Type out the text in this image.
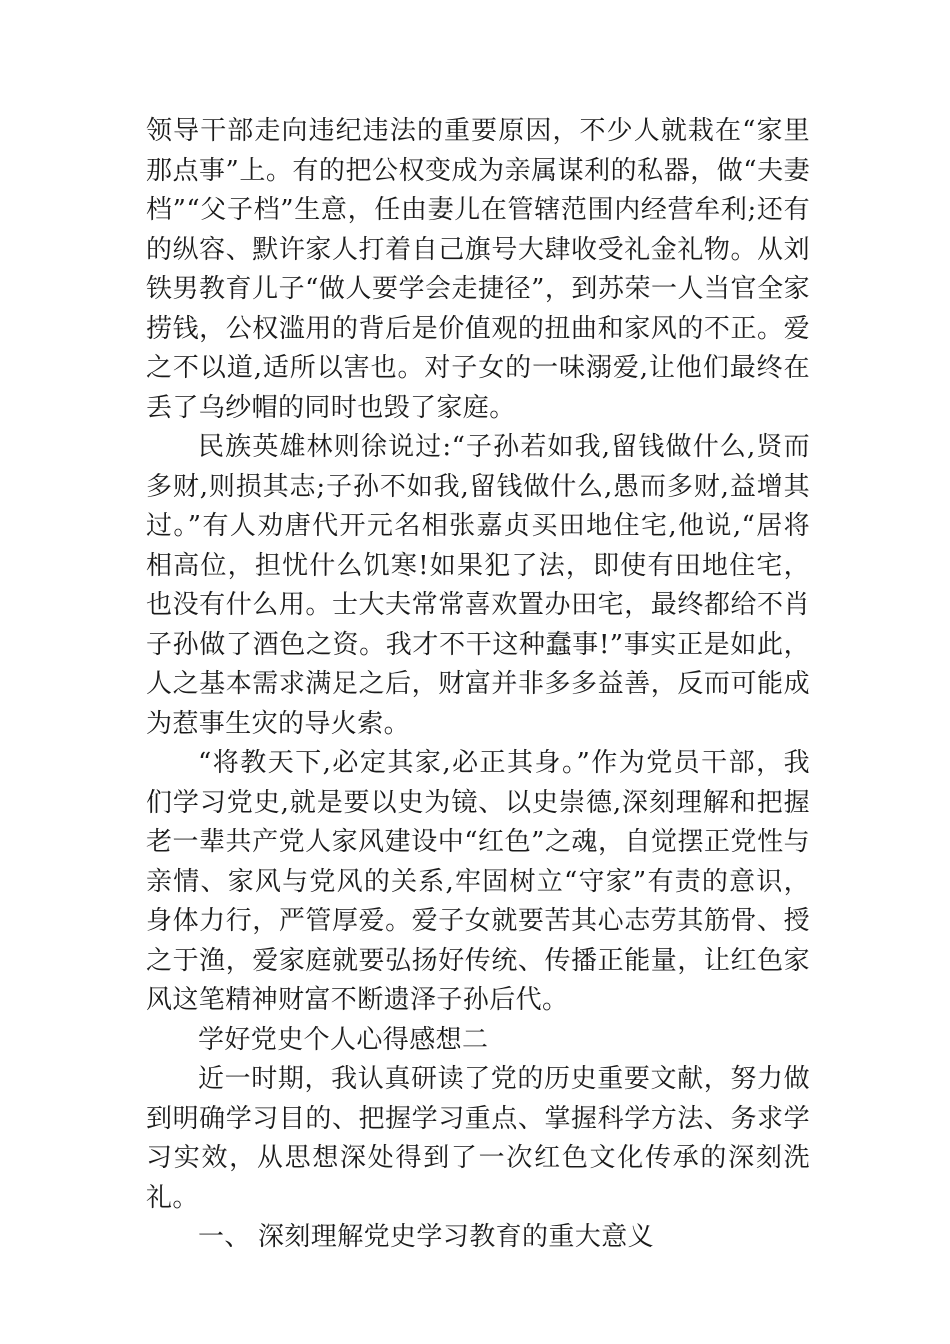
领导干部走向违纪违法的重要原因，不少人就栽在“家里那点事”上。有的把公权变成为亲属谋利的私器，做“夫妻档”“父子档”生意，任由妻儿在管辖范围内经营牟利;还有的纵容、默许家人打着自己旗号大肆收受礼金礼物。从刘铁男教育儿子“做人要学会走捷径”，到苏荣一人当官全家捞钱，公权滥用的背后是价值观的扭曲和家风的不正。爱之不以道,适所以害也。对子女的一味溺爱,让他们最终在丢了乌纱帽的同时也毁了家庭。

民族英雄林则徐说过:“子孙若如我,留钱做什么,贤而多财,则损其志;子孙不如我,留钱做什么,愚而多财,益增其过。”有人劝唐代开元名相张嘉贞买田地住宅,他说,“居将相高位，担忧什么饥寒!如果犯了法，即使有田地住宅，也没有什么用。士大夫常常喜欢置办田宅，最终都给不肖子孙做了酒色之资。我才不干这种蠢事!”事实正是如此，人之基本需求满足之后，财富并非多多益善，反而可能成为惹事生灾的导火索。

“将教天下,必定其家,必正其身。”作为党员干部，我们学习党史,就是要以史为镜、以史崇德,深刻理解和把握老一辈共产党人家风建设中“红色”之魂，自觉摆正党性与亲情、家风与党风的关系,牢固树立“守家”有责的意识，身体力行，严管厚爱。爱子女就要苦其心志劳其筋骨、授之于渔，爱家庭就要弘扬好传统、传播正能量，让红色家风这笔精神财富不断遗泽子孙后代。

学好党史个人心得感想二

近一时期，我认真研读了党的历史重要文献，努力做到明确学习目的、把握学习重点、掌握科学方法、务求学习实效，从思想深处得到了一次红色文化传承的深刻洗礼。

一、 深刻理解党史学习教育的重大意义
